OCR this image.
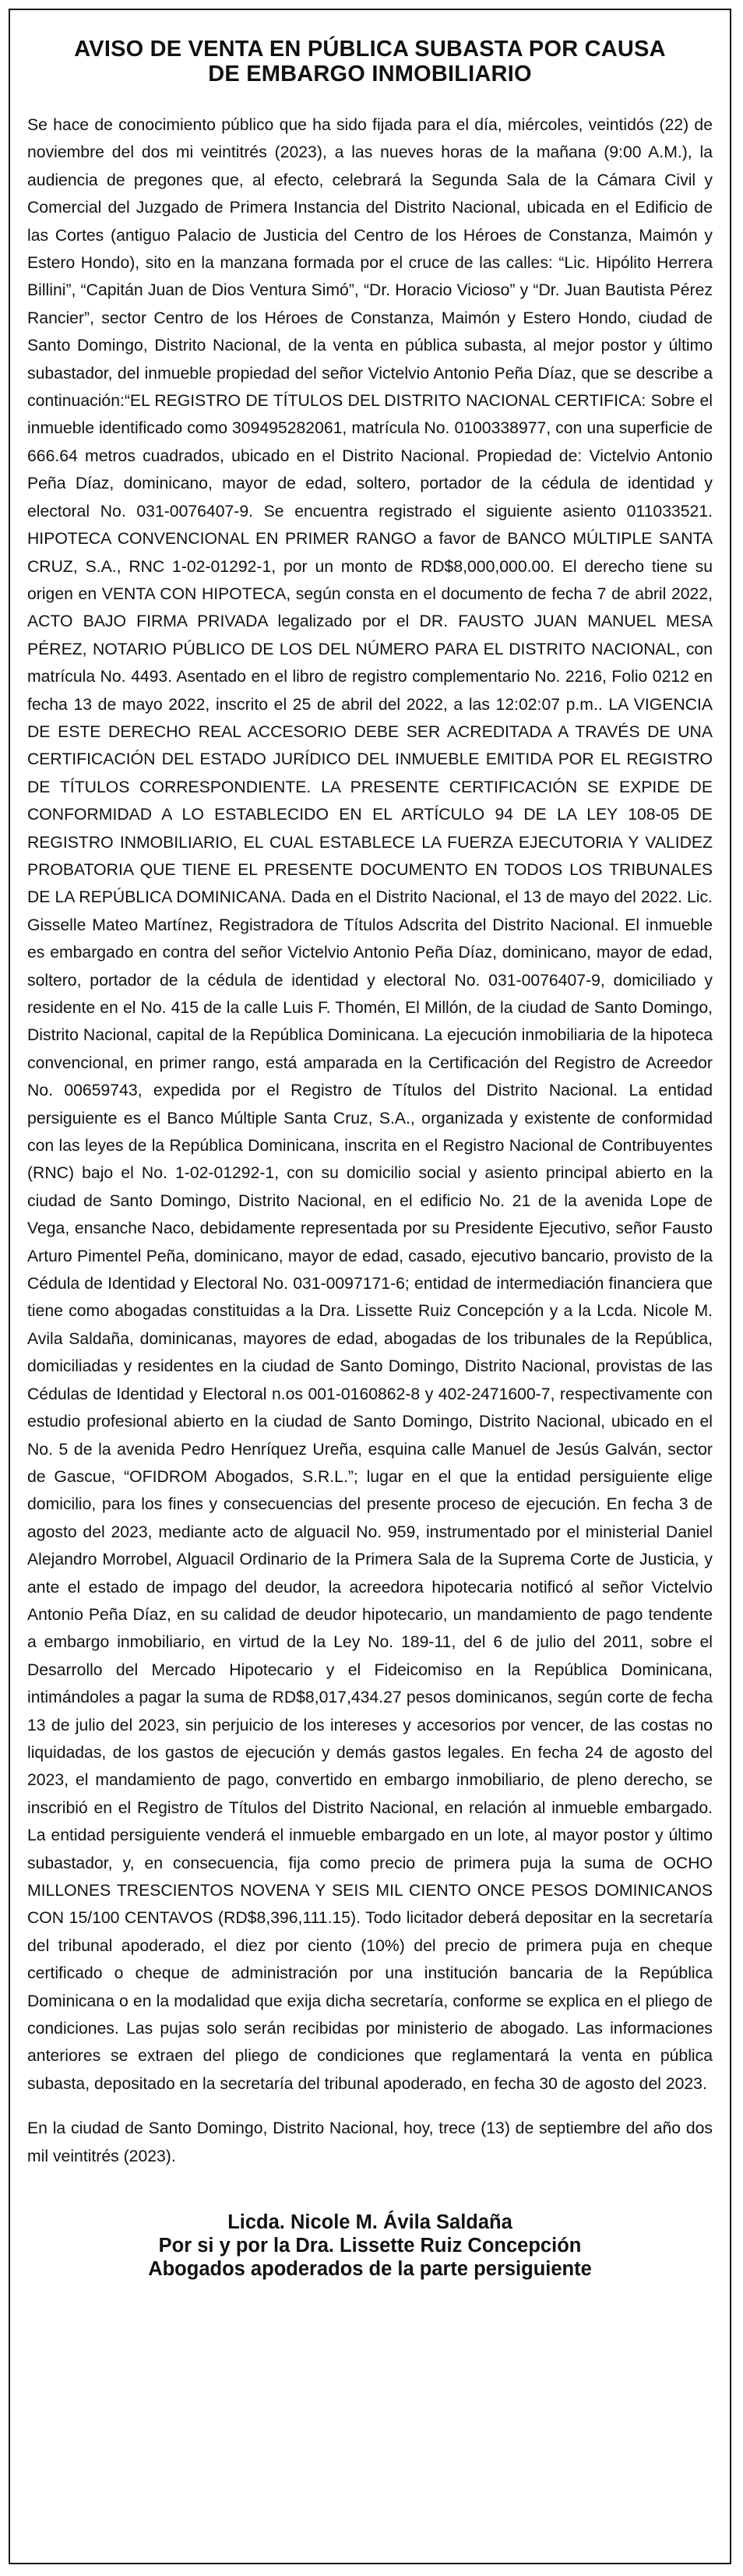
AVISO DE VENTA EN PÚBLICA SUBASTA POR CAUSA
DE EMBARGO INMOBILIARIO

Se hace de conocimiento público que ha sido fijada para el día, miércoles, veintidós (22) de noviembre del dos mi veintitrés (2023), a las nueves horas de la mañana (9:00 A.M.), la audiencia de pregones que, al efecto, celebrará la Segunda Sala de la Cámara Civil y Comercial del Juzgado de Primera Instancia del Distrito Nacional, ubicada en el Edificio de las Cortes (antiguo Palacio de Justicia del Centro de los Héroes de Constanza, Maimón y Estero Hondo), sito en la manzana formada por el cruce de las calles: “Lic. Hipólito Herrera Billini”, “Capitán Juan de Dios Ventura Simó”, “Dr. Horacio Vicioso” y “Dr. Juan Bautista Pérez Rancier”, sector Centro de los Héroes de Constanza, Maimón y Estero Hondo, ciudad de Santo Domingo, Distrito Nacional, de la venta en pública subasta, al mejor postor y último subastador, del inmueble propiedad del señor Victelvio Antonio Peña Díaz, que se describe a continuación:“EL REGISTRO DE TÍTULOS DEL DISTRITO NACIONAL CERTIFICA: Sobre el inmueble identificado como 309495282061, matrícula No. 0100338977, con una superficie de 666.64 metros cuadrados, ubicado en el Distrito Nacional. Propiedad de: Victelvio Antonio Peña Díaz, dominicano, mayor de edad, soltero, portador de la cédula de identidad y electoral No. 031-0076407-9. Se encuentra registrado el siguiente asiento 011033521. HIPOTECA CONVENCIONAL EN PRIMER RANGO a favor de BANCO MÚLTIPLE SANTA CRUZ, S.A., RNC 1-02-01292-1, por un monto de RD$8,000,000.00. El derecho tiene su origen en VENTA CON HIPOTECA, según consta en el documento de fecha 7 de abril 2022, ACTO BAJO FIRMA PRIVADA legalizado por el DR. FAUSTO JUAN MANUEL MESA PÉREZ, NOTARIO PÚBLICO DE LOS DEL NÚMERO PARA EL DISTRITO NACIONAL, con matrícula No. 4493. Asentado en el libro de registro complementario No. 2216, Folio 0212 en fecha 13 de mayo 2022, inscrito el 25 de abril del 2022, a las 12:02:07 p.m.. LA VIGENCIA DE ESTE DERECHO REAL ACCESORIO DEBE SER ACREDITADA A TRAVÉS DE UNA CERTIFICACIÓN DEL ESTADO JURÍDICO DEL INMUEBLE EMITIDA POR EL REGISTRO DE TÍTULOS CORRESPONDIENTE. LA PRESENTE CERTIFICACIÓN SE EXPIDE DE CONFORMIDAD A LO ESTABLECIDO EN EL ARTÍCULO 94 DE LA LEY 108-05 DE REGISTRO INMOBILIARIO, EL CUAL ESTABLECE LA FUERZA EJECUTORIA Y VALIDEZ PROBATORIA QUE TIENE EL PRESENTE DOCUMENTO EN TODOS LOS TRIBUNALES DE LA REPÚBLICA DOMINICANA. Dada en el Distrito Nacional, el 13 de mayo del 2022. Lic. Gisselle Mateo Martínez, Registradora de Títulos Adscrita del Distrito Nacional. El inmueble es embargado en contra del señor Victelvio Antonio Peña Díaz, dominicano, mayor de edad, soltero, portador de la cédula de identidad y electoral No. 031-0076407-9, domiciliado y residente en el No. 415 de la calle Luis F. Thomén, El Millón, de la ciudad de Santo Domingo, Distrito Nacional, capital de la República Dominicana. La ejecución inmobiliaria de la hipoteca convencional, en primer rango, está amparada en la Certificación del Registro de Acreedor No. 00659743, expedida por el Registro de Títulos del Distrito Nacional. La entidad persiguiente es el Banco Múltiple Santa Cruz, S.A., organizada y existente de conformidad con las leyes de la República Dominicana, inscrita en el Registro Nacional de Contribuyentes (RNC) bajo el No. 1-02-01292-1, con su domicilio social y asiento principal abierto en la ciudad de Santo Domingo, Distrito Nacional, en el edificio No. 21 de la avenida Lope de Vega, ensanche Naco, debidamente representada por su Presidente Ejecutivo, señor Fausto Arturo Pimentel Peña, dominicano, mayor de edad, casado, ejecutivo bancario, provisto de la Cédula de Identidad y Electoral No. 031-0097171-6; entidad de intermediación financiera que tiene como abogadas constituidas a la Dra. Lissette Ruiz Concepción y a la Lcda. Nicole M. Avila Saldaña, dominicanas, mayores de edad, abogadas de los tribunales de la República, domiciliadas y residentes en la ciudad de Santo Domingo, Distrito Nacional, provistas de las Cédulas de Identidad y Electoral n.os 001-0160862-8 y 402-2471600-7, respectivamente con estudio profesional abierto en la ciudad de Santo Domingo, Distrito Nacional, ubicado en el No. 5 de la avenida Pedro Henríquez Ureña, esquina calle Manuel de Jesús Galván, sector de Gascue, “OFIDROM Abogados, S.R.L.”; lugar en el que la entidad persiguiente elige domicilio, para los fines y consecuencias del presente proceso de ejecución. En fecha 3 de agosto del 2023, mediante acto de alguacil No. 959, instrumentado por el ministerial Daniel Alejandro Morrobel, Alguacil Ordinario de la Primera Sala de la Suprema Corte de Justicia, y ante el estado de impago del deudor, la acreedora hipotecaria notificó al señor Victelvio Antonio Peña Díaz, en su calidad de deudor hipotecario, un mandamiento de pago tendente a embargo inmobiliario, en virtud de la Ley No. 189-11, del 6 de julio del 2011, sobre el Desarrollo del Mercado Hipotecario y el Fideicomiso en la República Dominicana, intimándoles a pagar la suma de RD$8,017,434.27 pesos dominicanos, según corte de fecha 13 de julio del 2023, sin perjuicio de los intereses y accesorios por vencer, de las costas no liquidadas, de los gastos de ejecución y demás gastos legales. En fecha 24 de agosto del 2023, el mandamiento de pago, convertido en embargo inmobiliario, de pleno derecho, se inscribió en el Registro de Títulos del Distrito Nacional, en relación al inmueble embargado. La entidad persiguiente venderá el inmueble embargado en un lote, al mayor postor y último subastador, y, en consecuencia, fija como precio de primera puja la suma de OCHO MILLONES TRESCIENTOS NOVENA Y SEIS MIL CIENTO ONCE PESOS DOMINICANOS CON 15/100 CENTAVOS (RD$8,396,111.15). Todo licitador deberá depositar en la secretaría del tribunal apoderado, el diez por ciento (10%) del precio de primera puja en cheque certificado o cheque de administración por una institución bancaria de la República Dominicana o en la modalidad que exija dicha secretaría, conforme se explica en el pliego de condiciones. Las pujas solo serán recibidas por ministerio de abogado. Las informaciones anteriores se extraen del pliego de condiciones que reglamentará la venta en pública subasta, depositado en la secretaría del tribunal apoderado, en fecha 30 de agosto del 2023.

En la ciudad de Santo Domingo, Distrito Nacional, hoy, trece (13) de septiembre del año dos mil veintitrés (2023).

Licda. Nicole M. Ávila Saldaña
Por si y por la Dra. Lissette Ruiz Concepción
Abogados apoderados de la parte persiguiente
